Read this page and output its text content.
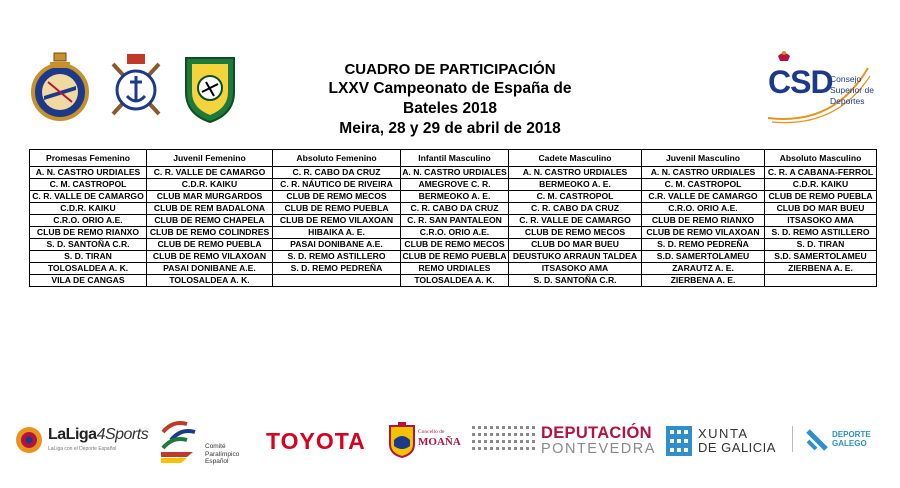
CUADRO DE PARTICIPACIÓN
LXXV Campeonato de España de Bateles 2018
Meira, 28 y 29 de abril de 2018
CSD
Consejo
Superior de
Deportes
Promesas Femenino	Juvenil Femenino	Absoluto Femenino	Infantil Masculino	Cadete Masculino	Juvenil Masculino	Absoluto Masculino
A. N. CASTRO URDIALES	C. R. VALLE DE CAMARGO	C. R. CABO DA CRUZ	A. N. CASTRO URDIALES	A. N. CASTRO URDIALES	A. N. CASTRO URDIALES	C. R. A CABANA-FERROL
C. M. CASTROPOL	C.D.R. KAIKU	C. R. NÁUTICO DE RIVEIRA	AMEGROVE C. R.	BERMEOKO A. E.	C. M. CASTROPOL	C.D.R. KAIKU
C. R. VALLE DE CAMARGO	CLUB MAR MURGARDOS	CLUB DE REMO MECOS	BERMEOKO A. E.	C. M. CASTROPOL	C.R. VALLE DE CAMARGO	CLUB DE REMO PUEBLA
C.D.R. KAIKU	CLUB DE REM BADALONA	CLUB DE REMO PUEBLA	C. R. CABO DA CRUZ	C. R. CABO DA CRUZ	C.R.O. ORIO A.E.	CLUB DO MAR BUEU
C.R.O. ORIO A.E.	CLUB DE REMO CHAPELA	CLUB DE REMO VILAXOAN	C. R. SAN PANTALEON	C. R. VALLE DE CAMARGO	CLUB DE REMO RIANXO	ITSASOKO AMA
CLUB DE REMO RIANXO	CLUB DE REMO COLINDRES	HIBAIKA A. E.	C.R.O. ORIO A.E.	CLUB DE REMO MECOS	CLUB DE REMO VILAXOAN	S. D. REMO ASTILLERO
S. D. SANTOÑA C.R.	CLUB DE REMO PUEBLA	PASAI DONIBANE A.E.	CLUB DE REMO MECOS	CLUB DO MAR BUEU	S. D. REMO PEDREÑA	S. D. TIRAN
S. D. TIRAN	CLUB DE REMO VILAXOAN	S. D. REMO ASTILLERO	CLUB DE REMO PUEBLA	DEUSTUKO ARRAUN TALDEA	S.D. SAMERTOLAMEU	S.D. SAMERTOLAMEU
TOLOSALDEA A. K.	PASAI DONIBANE A.E.	S. D. REMO PEDREÑA	REMO URDIALES	ITSASOKO AMA	ZARAUTZ A. E.	ZIERBENA A. E.
VILA DE CANGAS	TOLOSALDEA A. K.		TOLOSALDEA A. K.	S. D. SANTOÑA C.R.	ZIERBENA A. E.	
LaLiga4Sports
LaLiga con el Deporte Español	Comité
Paralímpico
Español
TOYOTA	Concello de
MOAÑA	DEPUTACIÓN
PONTEVEDRA
XUNTA
DE GALICIA
DEPORTE
GALEGO
